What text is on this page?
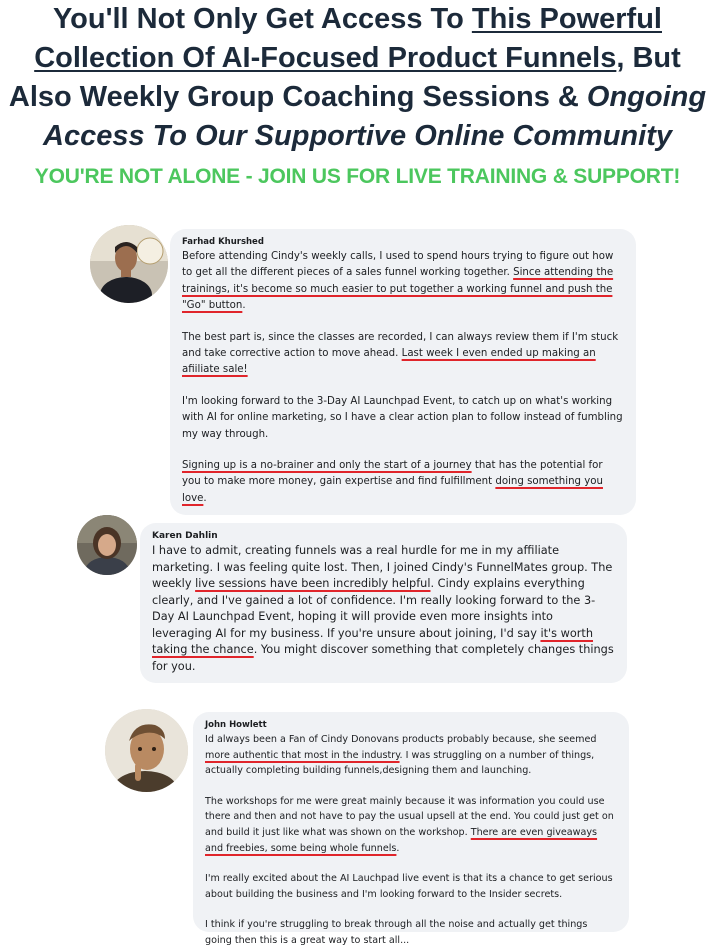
You'll Not Only Get Access To This Powerful Collection Of AI-Focused Product Funnels, But Also Weekly Group Coaching Sessions & Ongoing Access To Our Supportive Online Community
YOU'RE NOT ALONE - JOIN US FOR LIVE TRAINING & SUPPORT!
Farhad Khurshed

Before attending Cindy's weekly calls, I used to spend hours trying to figure out how to get all the different pieces of a sales funnel working together. Since attending the trainings, it's become so much easier to put together a working funnel and push the "Go" button.

The best part is, since the classes are recorded, I can always review them if I'm stuck and take corrective action to move ahead. Last week I even ended up making an afiiliate sale!

I'm looking forward to the 3-Day AI Launchpad Event, to catch up on what's working with AI for online marketing, so I have a clear action plan to follow instead of fumbling my way through.

Signing up is a no-brainer and only the start of a journey that has the potential for you to make more money, gain expertise and find fulfillment doing something you love.

Karen Dahlin

I have to admit, creating funnels was a real hurdle for me in my affiliate marketing. I was feeling quite lost. Then, I joined Cindy's FunnelMates group. The weekly live sessions have been incredibly helpful. Cindy explains everything clearly, and I've gained a lot of confidence. I'm really looking forward to the 3-Day AI Launchpad Event, hoping it will provide even more insights into leveraging AI for my business. If you're unsure about joining, I'd say it's worth taking the chance. You might discover something that completely changes things for you.

John Howlett

Id always been a Fan of Cindy Donovans products probably because, she seemed more authentic that most in the industry. I was struggling on a number of things, actually completing building funnels,designing them and launching.

The workshops for me were great mainly because it was information you could use there and then and not have to pay the usual upsell at the end. You could just get on and build it just like what was shown on the workshop. There are even giveaways and freebies, some being whole funnels.

I'm really excited about the AI Lauchpad live event is that its a chance to get serious about building the business and I'm looking forward to the Insider secrets.

I think if you're struggling to break through all the noise and actually get things going then this is a great way to start all...
